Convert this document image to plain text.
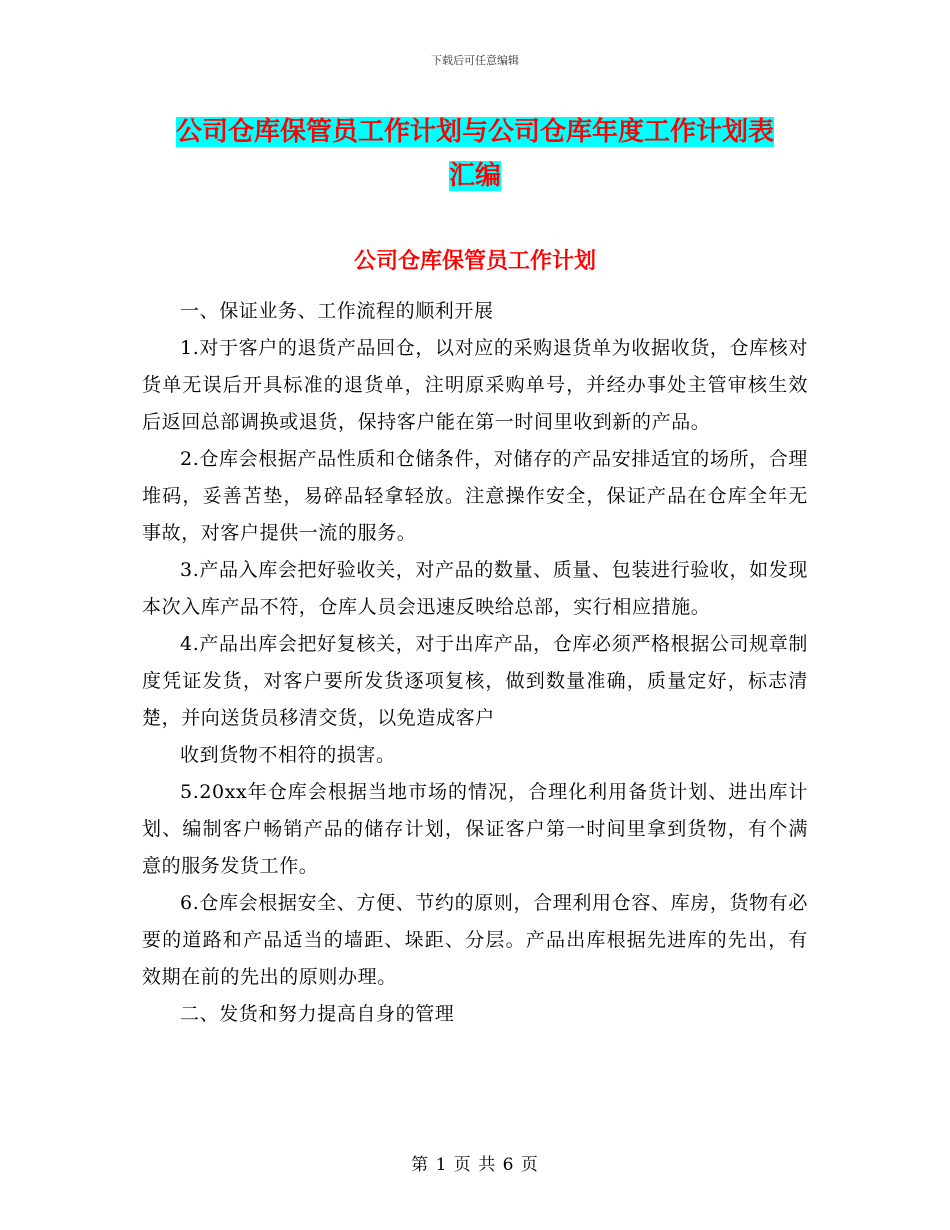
下载后可任意编辑
公司仓库保管员工作计划与公司仓库年度工作计划表
汇编
公司仓库保管员工作计划

一、保证业务、工作流程的顺利开展

1.对于客户的退货产品回仓，以对应的采购退货单为收据收货，仓库核对货单无误后开具标准的退货单，注明原采购单号，并经办事处主管审核生效后返回总部调换或退货，保持客户能在第一时间里收到新的产品。

2.仓库会根据产品性质和仓储条件，对储存的产品安排适宜的场所，合理堆码，妥善苫垫，易碎品轻拿轻放。注意操作安全，保证产品在仓库全年无事故，对客户提供一流的服务。

3.产品入库会把好验收关，对产品的数量、质量、包装进行验收，如发现本次入库产品不符，仓库人员会迅速反映给总部，实行相应措施。

4.产品出库会把好复核关，对于出库产品，仓库必须严格根据公司规章制度凭证发货，对客户要所发货逐项复核，做到数量准确，质量定好，标志清楚，并向送货员移清交货，以免造成客户

收到货物不相符的损害。

5.20xx年仓库会根据当地市场的情况，合理化利用备货计划、进出库计划、编制客户畅销产品的储存计划，保证客户第一时间里拿到货物，有个满意的服务发货工作。

6.仓库会根据安全、方便、节约的原则，合理利用仓容、库房，货物有必要的道路和产品适当的墙距、垛距、分层。产品出库根据先进库的先出，有效期在前的先出的原则办理。

二、发货和努力提高自身的管理

第 1 页 共 6 页
